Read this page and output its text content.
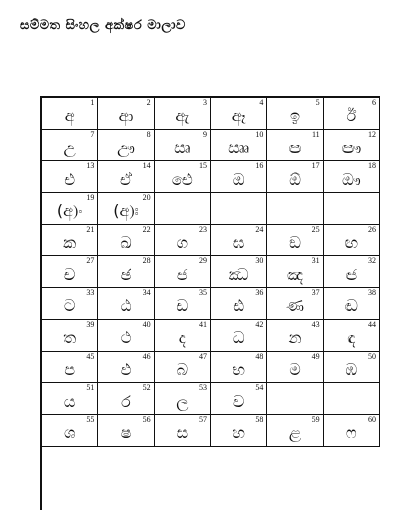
සම්මත සිංහල අක්ෂර මාලාව
අ
1
ආ
2
ඇ
3
ඈ
4
ඉ
5
ඊ
6
උ
7
ඌ
8
ඍ
9
ඎ
10
ඏ
11
ඐ
12
එ
13
ඒ
14
ඓ
15
ඔ
16
ඕ
17
ඖ
18
(අ)ං
19
(අ)ඃ
20
ක
21
ඛ
22
ග
23
ඝ
24
ඞ
25
ඟ
26
ච
27
ඡ
28
ජ
29
ඣ
30
ඤ
31
ඦ
32
ට
33
ඨ
34
ඩ
35
ඪ
36
ණ
37
ඬ
38
ත
39
ථ
40
ද
41
ධ
42
න
43
ඳ
44
ප
45
ඵ
46
බ
47
භ
48
ම
49
ඹ
50
ය
51
ර
52
ල
53
ව
54
ශ
55
ෂ
56
ස
57
හ
58
ළ
59
ෆ
60
